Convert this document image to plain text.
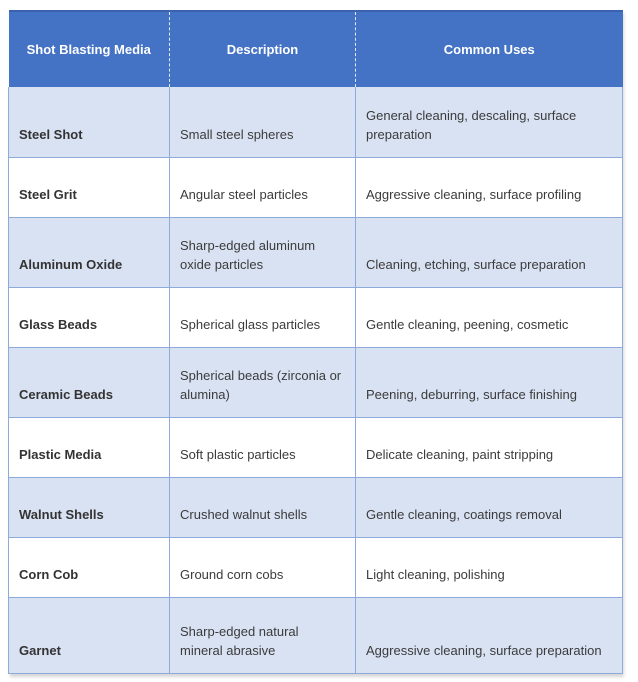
Shot Blasting Media	Description	Common Uses
Steel Shot	Small steel spheres	General cleaning, descaling, surface preparation
Steel Grit	Angular steel particles	Aggressive cleaning, surface profiling
Aluminum Oxide	Sharp-edged aluminum oxide particles	Cleaning, etching, surface preparation
Glass Beads	Spherical glass particles	Gentle cleaning, peening, cosmetic
Ceramic Beads	Spherical beads (zirconia or alumina)	Peening, deburring, surface finishing
Plastic Media	Soft plastic particles	Delicate cleaning, paint stripping
Walnut Shells	Crushed walnut shells	Gentle cleaning, coatings removal
Corn Cob	Ground corn cobs	Light cleaning, polishing
Garnet	Sharp-edged natural mineral abrasive	Aggressive cleaning, surface preparation
